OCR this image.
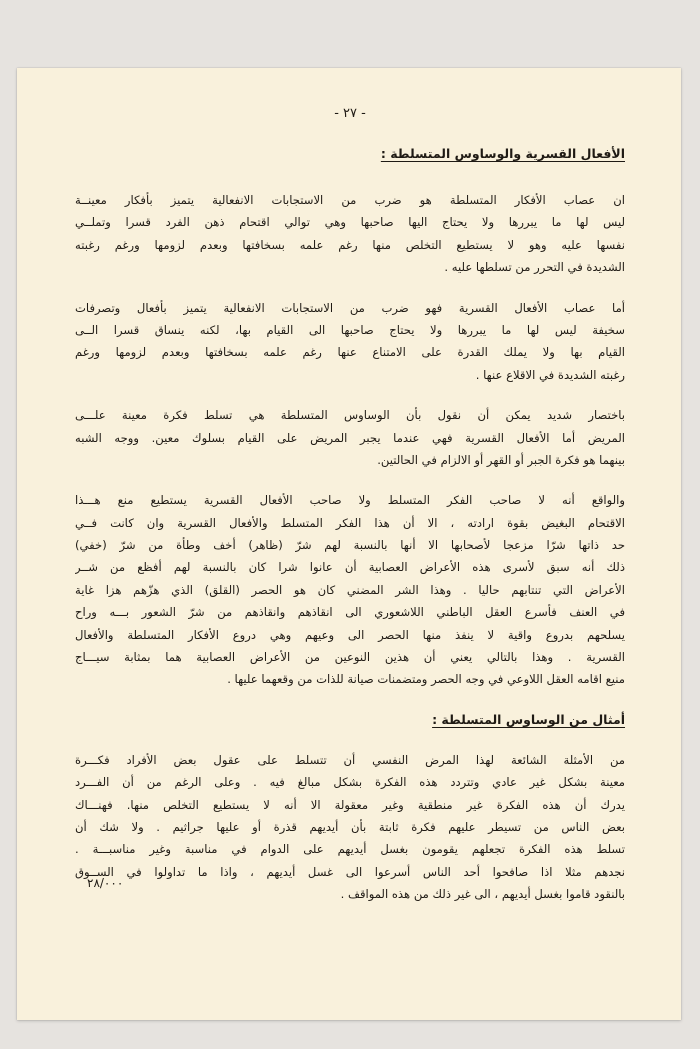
- ٢٧ -
الأفعال القسرية والوساوس المتسلطة :
ان عصاب الأفكار المتسلطة هو ضرب من الاستجابات الانفعالية يتميز بأفكار معينــة
ليس لها ما يبررها ولا يحتاج اليها صاحبها وهي توالي اقتحام ذهن الفرد قسرا وتملــي
نفسها عليه وهو لا يستطيع التخلص منها رغم علمه بسخافتها وبعدم لزومها ورغم رغبته
الشديدة في التحرر من تسلطها عليه .
أما عصاب الأفعال القسرية فهو ضرب من الاستجابات الانفعالية يتميز بأفعال وتصرفات
سخيفة ليس لها ما يبررها ولا يحتاج صاحبها الى القيام بها، لكنه ينساق قسرا الــى
القيام بها ولا يملك القدرة على الامتناع عنها رغم علمه بسخافتها وبعدم لزومها ورغم
رغبته الشديدة في الاقلاع عنها .
باختصار شديد يمكن أن نقول بأن الوساوس المتسلطة هي تسلط فكرة معينة علـــى
المريض أما الأفعال القسرية فهي عندما يجبر المريض على القيام بسلوك معين. ووجه الشبه
بينهما هو فكرة الجبر أو القهر أو الالزام في الحالتين.
والواقع أنه لا صاحب الفكر المتسلط ولا صاحب الأفعال القسرية يستطيع منع هـــذا
الاقتحام البغيض بقوة ارادته ، الا أن هذا الفكر المتسلط والأفعال القسرية وان كانت فــي
حد ذاتها شرّا مزعجا لأصحابها الا أنها بالنسبة لهم شرّ (ظاهر) أخف وطأة من شرّ (خفي)
ذلك أنه سبق لأسرى هذه الأعراض العصابية أن عانوا شرا كان بالنسبة لهم أفظع من شــر
الأعراض التي تنتابهم حاليا . وهذا الشر المضني كان هو الحصر (القلق) الذي هزّهم هزا غاية
في العنف فأسرع العقل الباطني اللاشعوري الى انقاذهم وانقاذهم من شرّ الشعور بـــه وراح
يسلحهم بدروع واقية لا ينفذ منها الحصر الى وعيهم وهي دروع الأفكار المتسلطة والأفعال
القسرية . وهذا بالتالي يعني أن هذين النوعين من الأعراض العصابية هما بمثابة سيـــاج
منيع اقامه العقل اللاوعي في وجه الحصر ومتضمنات صيانة للذات من وقعهما عليها .
أمثال من الوساوس المتسلطة :
من الأمثلة الشائعة لهذا المرض النفسي أن تتسلط على عقول بعض الأفراد فكـــرة
معينة بشكل غير عادي وتتردد هذه الفكرة بشكل مبالغ فيه . وعلى الرغم من أن الفـــرد
يدرك أن هذه الفكرة غير منطقية وغير معقولة الا أنه لا يستطيع التخلص منها. فهنـــاك
بعض الناس من تسيطر عليهم فكرة ثابتة بأن أيديهم قذرة أو عليها جراثيم . ولا شك أن
تسلط هذه الفكرة تجعلهم يقومون بغسل أيديهم على الدوام في مناسبة وغير مناسبـــة .
نجدهم مثلا اذا صافحوا أحد الناس أسرعوا الى غسل أيديهم ، واذا ما تداولوا في الســوق
بالنقود قاموا بغسل أيديهم ، الى غير ذلك من هذه المواقف .
٢٨/٠٠٠
